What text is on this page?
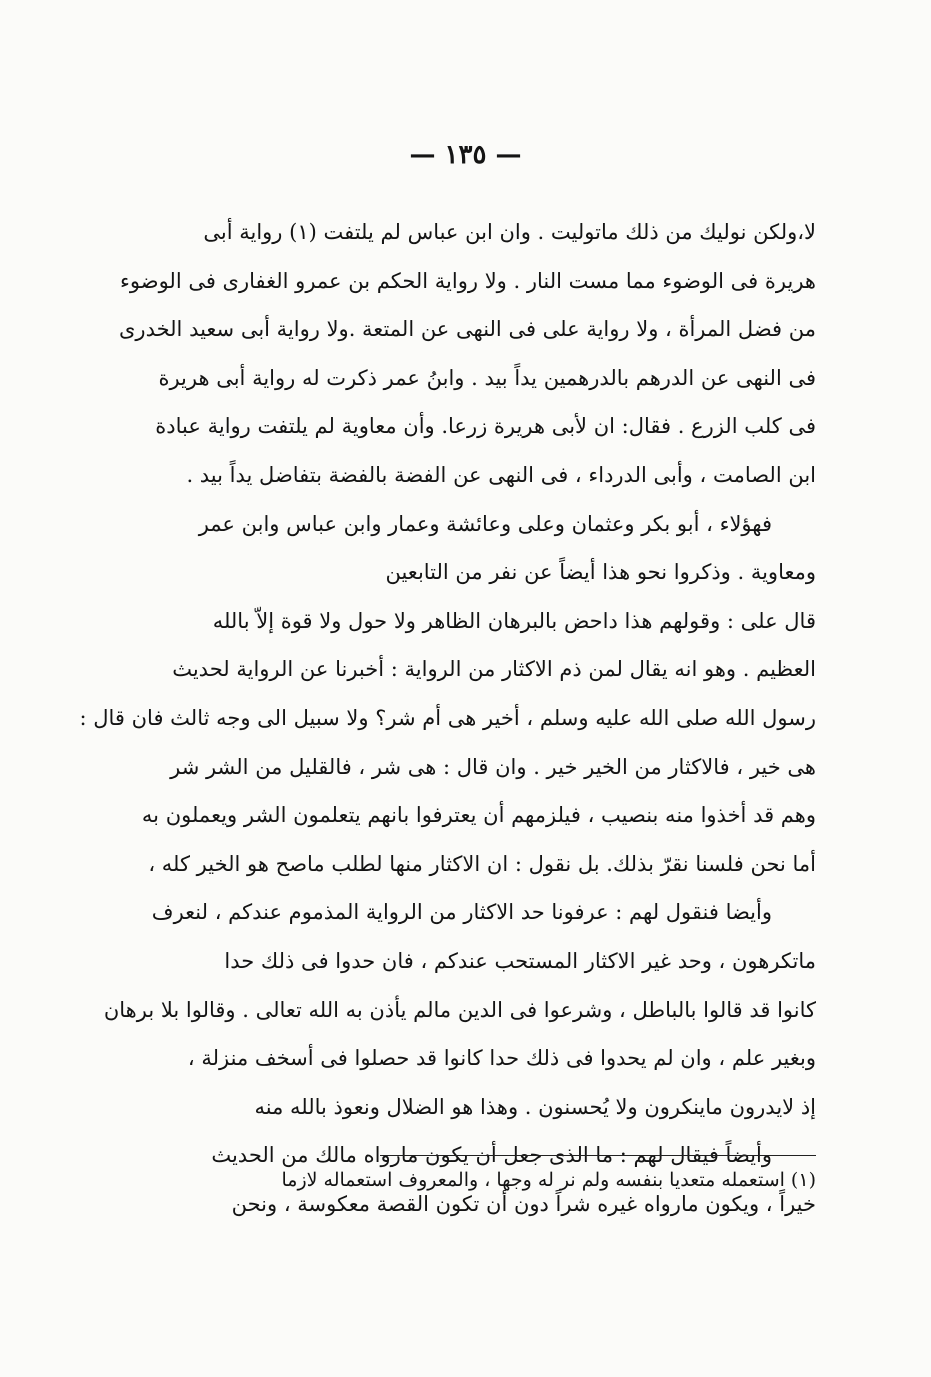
— ١٣٥ —
لا،ولكن نوليك من ذلك ماتوليت . وان ابن عباس لم يلتفت (١) رواية أبى
هريرة فى الوضوء مما مست النار . ولا رواية الحكم بن عمرو الغفارى فى الوضوء
من فضل المرأة ، ولا رواية على فى النهى عن المتعة .ولا رواية أبى سعيد الخدرى
فى النهى عن الدرهم بالدرهمين يداً بيد . وابنُ عمر ذكرت له رواية أبى هريرة
فى كلب الزرع . فقال: ان لأبى هريرة زرعا. وأن معاوية لم يلتفت رواية عبادة
ابن الصامت ، وأبى الدرداء ، فى النهى عن الفضة بالفضة بتفاضل يداً بيد .
فهؤلاء ، أبو بكر وعثمان وعلى وعائشة وعمار وابن عباس وابن عمر
ومعاوية . وذكروا نحو هذا أيضاً عن نفر من التابعين
قال على : وقولهم هذا داحض بالبرهان الظاهر ولا حول ولا قوة إلاّ بالله
العظيم . وهو انه يقال لمن ذم الاكثار من الرواية : أخبرنا عن الرواية لحديث
رسول الله صلى الله عليه وسلم ، أخير هى أم شر؟ ولا سبيل الى وجه ثالث فان قال :
هى خير ، فالاكثار من الخير خير . وان قال : هى شر ، فالقليل من الشر شر
وهم قد أخذوا منه بنصيب ، فيلزمهم أن يعترفوا بانهم يتعلمون الشر ويعملون به
أما نحن فلسنا نقرّ بذلك. بل نقول : ان الاكثار منها لطلب ماصح هو الخير كله ،
وأيضا فنقول لهم : عرفونا حد الاكثار من الرواية المذموم عندكم ، لنعرف
ماتكرهون ، وحد غير الاكثار المستحب عندكم ، فان حدوا فى ذلك حدا
كانوا قد قالوا بالباطل ، وشرعوا فى الدين مالم يأذن به الله تعالى . وقالوا بلا برهان
وبغير علم ، وان لم يحدوا فى ذلك حدا كانوا قد حصلوا فى أسخف منزلة ،
إذ لايدرون ماينكرون ولا يُحسنون . وهذا هو الضلال ونعوذ بالله منه
وأيضاً فيقال لهم : ما الذى جعل أن يكون مارواه مالك من الحديث
خيراً ، ويكون مارواه غيره شراً دون أن تكون القصة معكوسة ، ونحن
(١) استعمله متعديا بنفسه ولم نر له وجها ، والمعروف استعماله لازما
